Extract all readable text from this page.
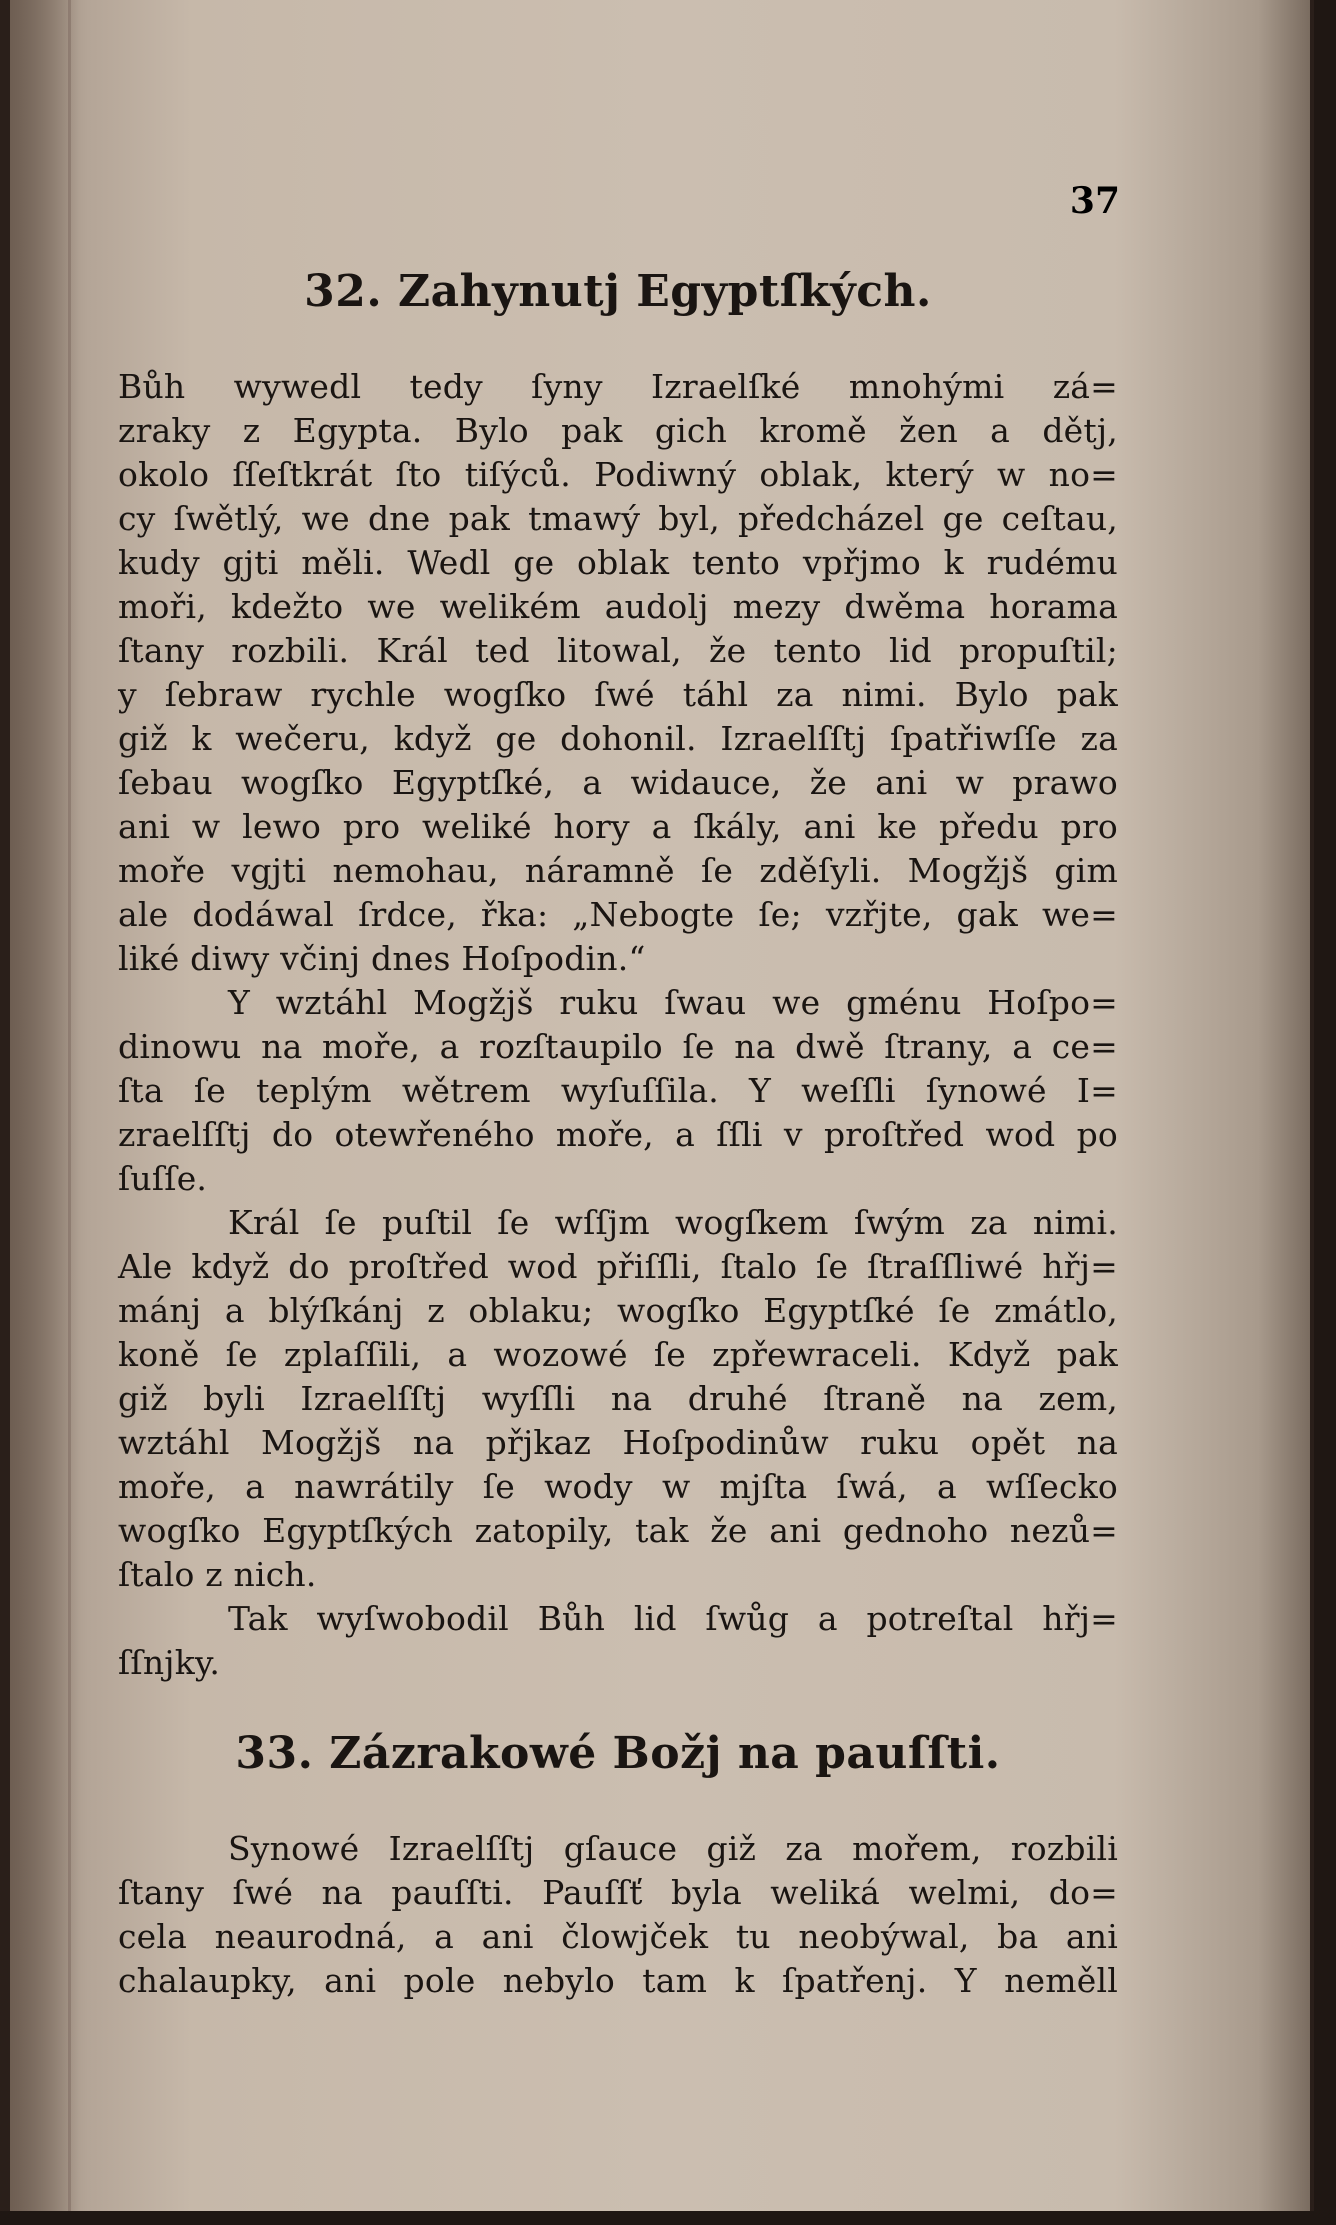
37
32. Zahynutj Egyptſkých.
Bůh wywedl tedy ſyny Izraelſké mnohými zá=
zraky z Egypta. Bylo pak gich kromě žen a dětj,
okolo ſſeſtkrát ſto tiſýců. Podiwný oblak, který w no=
cy ſwětlý, we dne pak tmawý byl, předcházel ge ceſtau,
kudy gjti měli. Wedl ge oblak tento vpřjmo k rudému
moři, kdežto we welikém audolj mezy dwěma horama
ſtany rozbili. Král ted litowal, že tento lid propuſtil;
y ſebraw rychle wogſko ſwé táhl za nimi. Bylo pak
giž k wečeru, když ge dohonil. Izraelſſtj ſpatřiwſſe za
ſebau wogſko Egyptſké, a widauce, že ani w prawo
ani w lewo pro weliké hory a ſkály, ani ke předu pro
moře vgjti nemohau, náramně ſe zděſyli. Mogžjš gim
ale dodáwal ſrdce, řka: „Nebogte ſe; vzřjte, gak we=
liké diwy včinj dnes Hoſpodin.“
Y wztáhl Mogžjš ruku ſwau we gménu Hoſpo=
dinowu na moře, a rozſtaupilo ſe na dwě ſtrany, a ce=
ſta ſe teplým wětrem wyſuſſila. Y weſſli ſynowé I=
zraelſſtj do otewřeného moře, a ſſli v proſtřed wod po
ſuſſe.
Král ſe puſtil ſe wſſjm wogſkem ſwým za nimi.
Ale když do proſtřed wod přiſſli, ſtalo ſe ſtraſſliwé hřj=
mánj a blýſkánj z oblaku; wogſko Egyptſké ſe zmátlo,
koně ſe zplaſſili, a wozowé ſe zpřewraceli. Když pak
giž byli Izraelſſtj wyſſli na druhé ſtraně na zem,
wztáhl Mogžjš na přjkaz Hoſpodinůw ruku opět na
moře, a nawrátily ſe wody w mjſta ſwá, a wſſecko
wogſko Egyptſkých zatopily, tak že ani gednoho nezů=
ſtalo z nich.
Tak wyſwobodil Bůh lid ſwůg a potreſtal hřj=
ſſnjky.
33. Zázrakowé Božj na pauſſti.
Synowé Izraelſſtj gſauce giž za mořem, rozbili
ſtany ſwé na pauſſti. Pauſſť byla weliká welmi, do=
cela neaurodná, a ani člowjček tu neobýwal, ba ani
chalaupky, ani pole nebylo tam k ſpatřenj. Y neměll
